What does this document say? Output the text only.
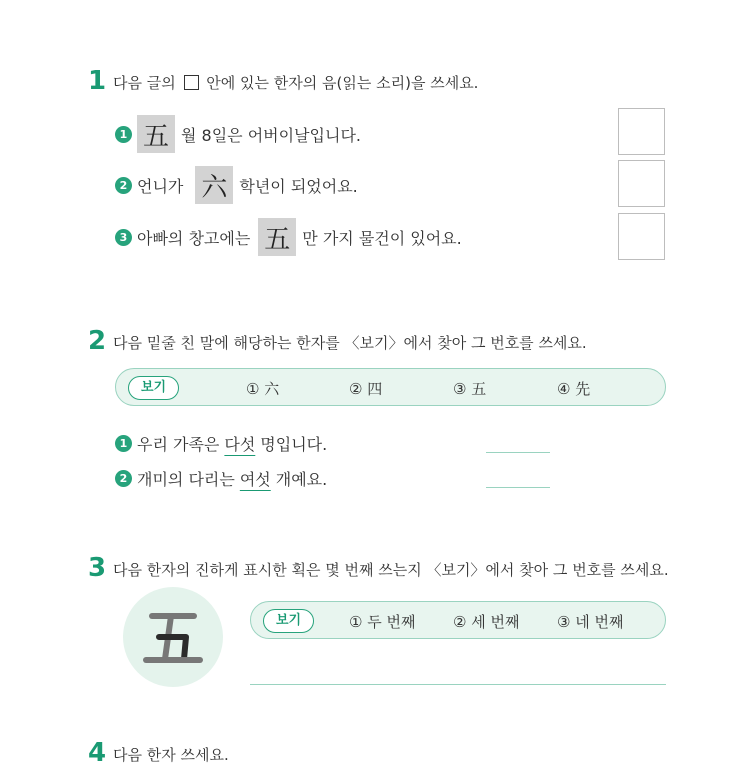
1 다음 글의 안에 있는 한자의 음(읽는 소리)을 쓰세요.
1 五 월 8일은 어버이날입니다.
2 언니가 六 학년이 되었어요.
3 아빠의 창고에는 五 만 가지 물건이 있어요.
2 다음 밑줄 친 말에 해당하는 한자를 〈보기〉에서 찾아 그 번호를 쓰세요.
보기	① 六	② 四	③ 五	④ 先
1 우리 가족은 다섯 명입니다.
2 개미의 다리는 여섯 개예요.
3 다음 한자의 진하게 표시한 획은 몇 번째 쓰는지 〈보기〉에서 찾아 그 번호를 쓰세요.
보기	① 두 번째	② 세 번째	③ 네 번째
4 다음 한자 쓰세요.
